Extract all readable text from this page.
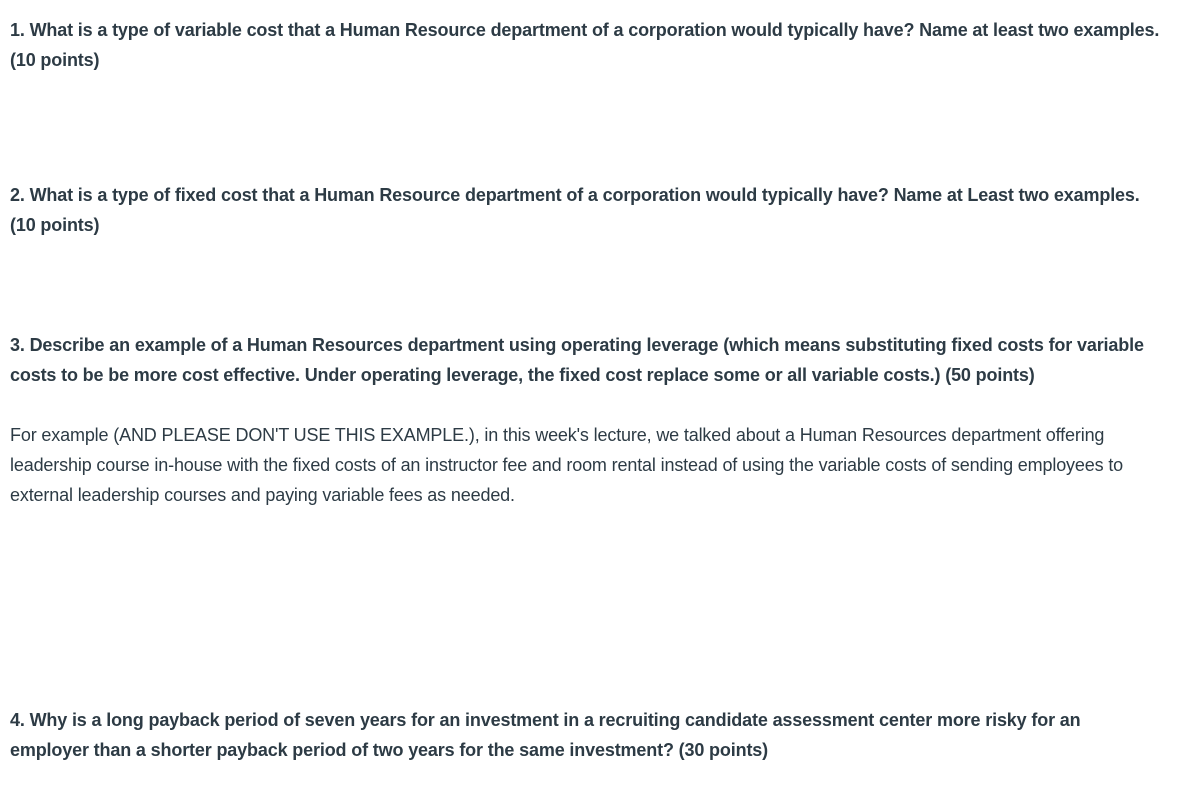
1. What is a type of variable cost that a Human Resource department of a corporation would typically have? Name at least two examples. (10 points)
2. What is a type of fixed cost that a Human Resource department of a corporation would typically have? Name at Least two examples. (10 points)
3. Describe an example of a Human Resources department using operating leverage (which means substituting fixed costs for variable costs to be be more cost effective. Under operating leverage, the fixed cost replace some or all variable costs.) (50 points)
For example (AND PLEASE DON'T USE THIS EXAMPLE.), in this week's lecture, we talked about a Human Resources department offering leadership course in-house with the fixed costs of an instructor fee and room rental instead of using the variable costs of sending employees to external leadership courses and paying variable fees as needed.
4. Why is a long payback period of seven years for an investment in a recruiting candidate assessment center more risky for an employer than a shorter payback period of two years for the same investment? (30 points)
